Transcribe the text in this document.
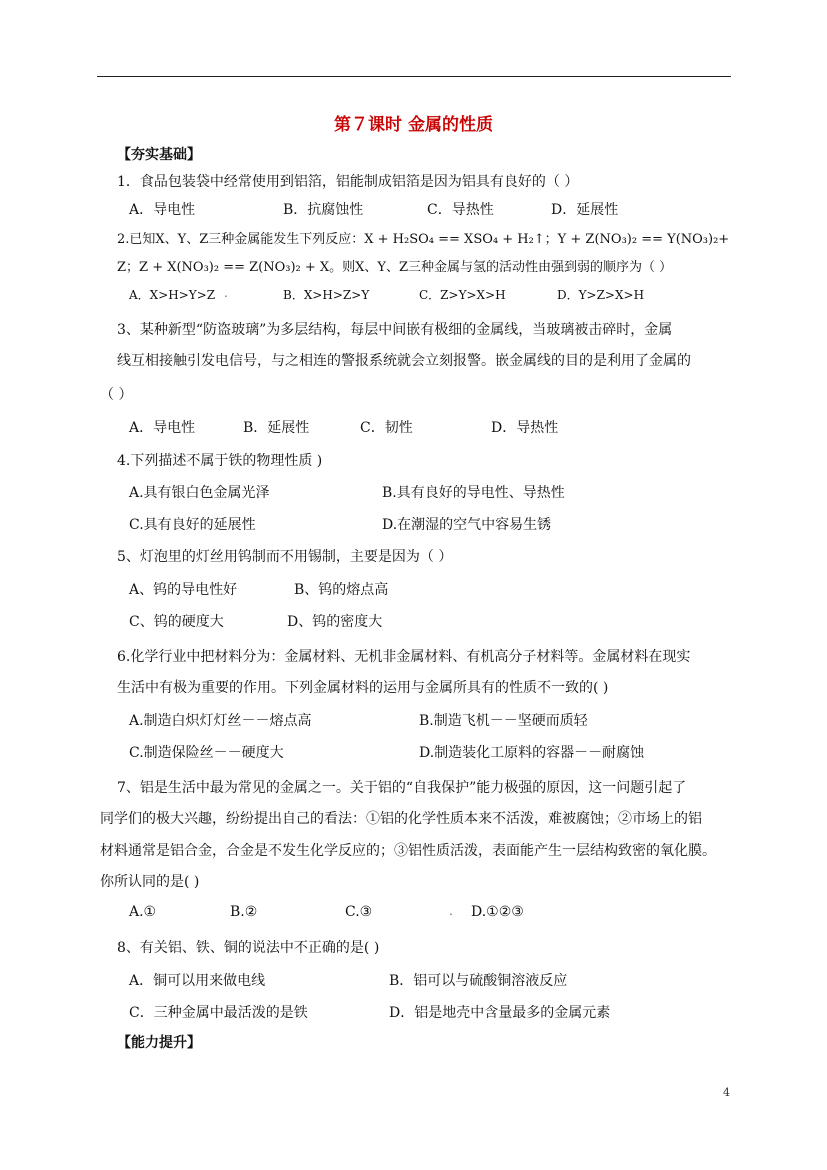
第７课时 金属的性质
【夯实基础】
1．食品包装袋中经常使用到铝箔，铝能制成铝箔是因为铝具有良好的（ ）
A．导电性	B．抗腐蚀性	C．导热性	D．延展性
2.已知X、Y、Z三种金属能发生下列反应：X + H₂SO₄ == XSO₄ + H₂↑；Y + Z(NO₃)₂ == Y(NO₃)₂+
Z；Z + X(NO₃)₂ == Z(NO₃)₂ + X。则X、Y、Z三种金属与氢的活动性由强到弱的顺序为（ ）
A．X>H>Y>Z .	B．X>H>Z>Y	C．Z>Y>X>H	D．Y>Z>X>H
3、某种新型“防盗玻璃”为多层结构，每层中间嵌有极细的金属线，当玻璃被击碎时，金属
线互相接触引发电信号，与之相连的警报系统就会立刻报警。嵌金属线的目的是利用了金属的
（ ）
A．导电性	B．延展性	C．韧性	D．导热性
4.下列描述不属于铁的物理性质 )
A.具有银白色金属光泽	B.具有良好的导电性、导热性
C.具有良好的延展性	D.在潮湿的空气中容易生锈
5、灯泡里的灯丝用钨制而不用锡制，主要是因为（ ）
A、钨的导电性好	B、钨的熔点高
C、钨的硬度大	D、钨的密度大
6.化学行业中把材料分为：金属材料、无机非金属材料、有机高分子材料等。金属材料在现实
生活中有极为重要的作用。下列金属材料的运用与金属所具有的性质不一致的( )
A.制造白炽灯灯丝－－熔点高	B.制造飞机－－坚硬而质轻
C.制造保险丝－－硬度大	D.制造装化工原料的容器－－耐腐蚀
7、铝是生活中最为常见的金属之一。关于铝的“自我保护”能力极强的原因，这一问题引起了
同学们的极大兴趣，纷纷提出自己的看法：①铝的化学性质本来不活泼，难被腐蚀；②市场上的铝
材料通常是铝合金，合金是不发生化学反应的；③铝性质活泼，表面能产生一层结构致密的氧化膜。
你所认同的是( )
A.①	B.②	C.③	. D.①②③
8、有关铝、铁、铜的说法中不正确的是( )
A．铜可以用来做电线	B．铝可以与硫酸铜溶液反应
C．三种金属中最活泼的是铁	D．铝是地壳中含量最多的金属元素
【能力提升】
4
